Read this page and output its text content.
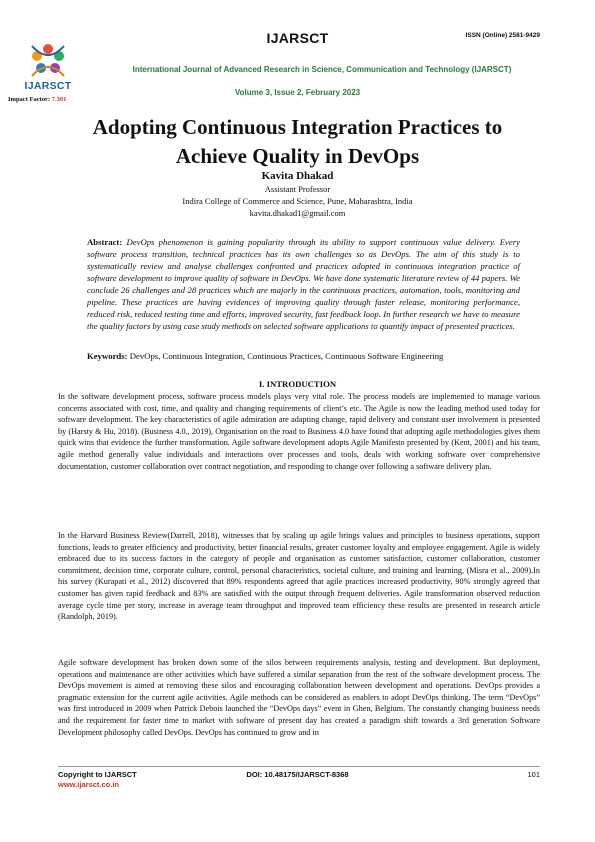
IJARSCT	ISSN (Online) 2581-9429
IJARSCT
Impact Factor: 7.301
International Journal of Advanced Research in Science, Communication and Technology (IJARSCT)
Volume 3, Issue 2, February 2023
Adopting Continuous Integration Practices to Achieve Quality in DevOps
Kavita Dhakad
Assistant Professor
Indira College of Commerce and Science, Pune, Maharashtra, India
kavita.dhakad1@gmail.com
Abstract: DevOps phenomenon is gaining popularity through its ability to support continuous value delivery. Every software process transition, technical practices has its own challenges so as DevOps. The aim of this study is to systematically review and analyse challenges confronted and practices adopted in continuous integration practice of software development to improve quality of software in DevOps. We have done systematic literature review of 44 papers. We conclude 26 challenges and 28 practices which are majorly in the continuous practices, automation, tools, monitoring and pipeline. These practices are having evidences of improving quality through faster release, monitoring performance, reduced risk, reduced testing time and efforts, improved security, fast feedback loop. In further research we have to measure the quality factors by using case study methods on selected software applications to quantify impact of presented practices.
Keywords: DevOps, Continuous Integration, Continuous Practices, Continuous Software Engineering
I. INTRODUCTION
In the software development process, software process models plays very vital role. The process models are implemented to manage various concerns associated with cost, time, and quality and changing requirements of client’s etc. The Agile is now the leading method used today for software development. The key characteristics of agile admiration are adapting change, rapid delivery and constant user involvement is presented by (Harsty & Hu, 2018). (Business 4.0., 2019), Organisation on the road to Business 4.0 have found that adopting agile methodologies gives them quick wins that evidence the further transformation. Agile software development adopts Agile Manifesto presented by (Kent, 2001) and his team, agile method generally value individuals and interactions over processes and tools, deals with working software over comprehensive documentation, customer collaboration over contract negotiation, and responding to change over following a software delivery plan.
In the Harvard Business Review(Darrell, 2018), witnesses that by scaling up agile brings values and principles to business operations, support functions, leads to greater efficiency and productivity, better financial results, greater customer loyalty and employee engagement. Agile is widely embraced due to its success factors in the category of people and organisation as customer satisfaction, customer collaboration, customer commitment, decision time, corporate culture, control, personal characteristics, societal culture, and training and learning, (Misra et al., 2009).In his survey (Kurapati et al., 2012) discovered that 89% respondents agreed that agile practices increased productivity, 90% strongly agreed that customer has given rapid feedback and 83% are satisfied with the output through frequent deliveries. Agile transformation observed reduction average cycle time per story, increase in average team throughput and improved team efficiency these results are presented in research article (Randolph, 2019).
Agile software development has broken down some of the silos between requirements analysis, testing and development. But deployment, operations and maintenance are other activities which have suffered a similar separation from the rest of the software development process. The DevOps movement is aimed at removing these silos and encouraging collaboration between development and operations. DevOps provides a pragmatic extension for the current agile activities. Agile methods can be considered as enablers to adopt DevOps thinking. The term “DevOps” was first introduced in 2009 when Patrick Debois launched the “DevOps days” event in Ghen, Belgium. The constantly changing business needs and the requirement for faster time to market with software of present day has created a paradigm shift towards a 3rd generation Software Development philosophy called DevOps. DevOps has continued to grow and in
Copyright to IJARSCT
www.ijarsct.co.in
DOI: 10.48175/IJARSCT-8368	101
